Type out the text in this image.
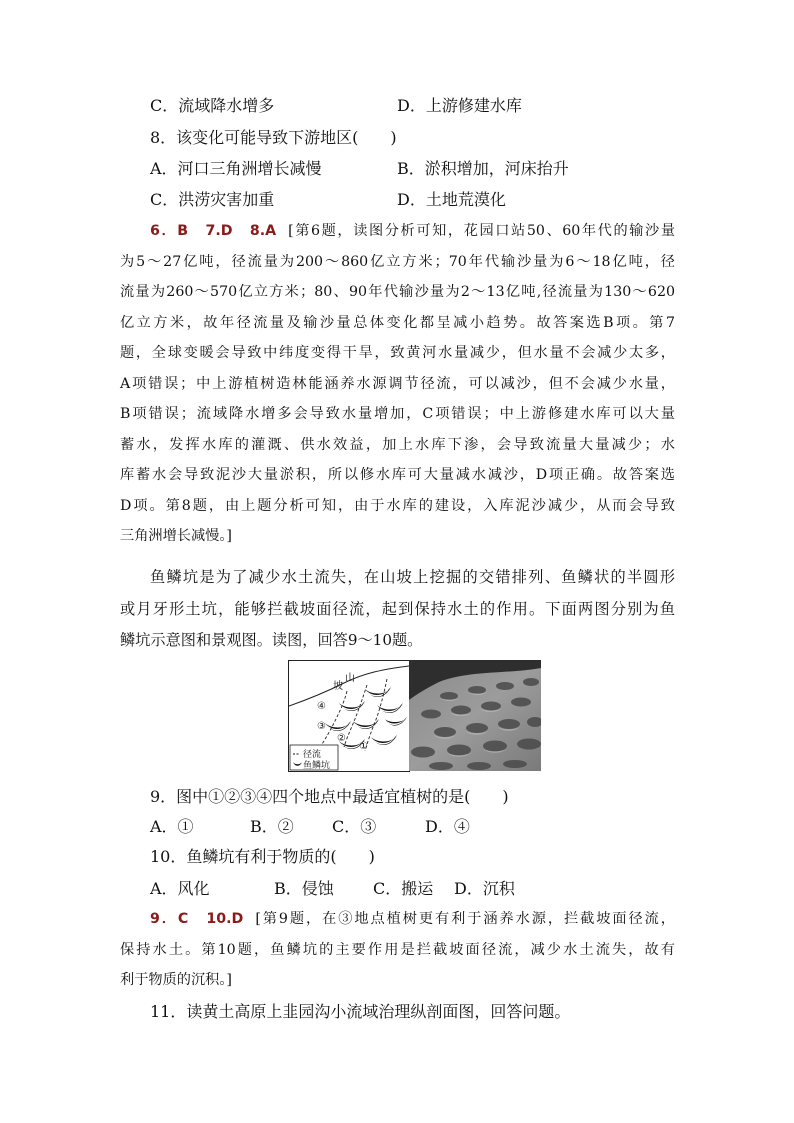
C．流域降水增多	D．上游修建水库
8．该变化可能导致下游地区(　　)
A．河口三角洲增长减慢	B．淤积增加，河床抬升
C．洪涝灾害加重	D．土地荒漠化
6．B　7.D　8.A [第6题，读图分析可知，花园口站50、60年代的输沙量
为5～27亿吨，径流量为200～860亿立方米；70年代输沙量为6～18亿吨，径
流量为260～570亿立方米；80、90年代输沙量为2～13亿吨,径流量为130～620
亿立方米，故年径流量及输沙量总体变化都呈减小趋势。故答案选B项。第7
题，全球变暖会导致中纬度变得干旱，致黄河水量减少，但水量不会减少太多，
A项错误；中上游植树造林能涵养水源调节径流，可以减沙，但不会减少水量，
B项错误；流域降水增多会导致水量增加，C项错误；中上游修建水库可以大量
蓄水，发挥水库的灌溉、供水效益，加上水库下渗，会导致流量大量减少；水
库蓄水会导致泥沙大量淤积，所以修水库可大量减水减沙，D项正确。故答案选
D项。第8题，由上题分析可知，由于水库的建设，入库泥沙减少，从而会导致
三角洲增长减慢。]
鱼鳞坑是为了减少水土流失，在山坡上挖掘的交错排列、鱼鳞状的半圆形
或月牙形土坑，能够拦截坡面径流，起到保持水土的作用。下面两图分别为鱼
鳞坑示意图和景观图。读图，回答9～10题。
坡
山
④
③
②
①
径流
鱼鳞坑
9．图中①②③④四个地点中最适宜植树的是(　　)
A．①	B．② C．③	D．④
10．鱼鳞坑有利于物质的(　　)
A．风化	B．侵蚀 C．搬运 D．沉积
9．C　10.D [第9题，在③地点植树更有利于涵养水源，拦截坡面径流，
保持水土。第10题，鱼鳞坑的主要作用是拦截坡面径流，减少水土流失，故有
利于物质的沉积。]
11．读黄土高原上韭园沟小流域治理纵剖面图，回答问题。
